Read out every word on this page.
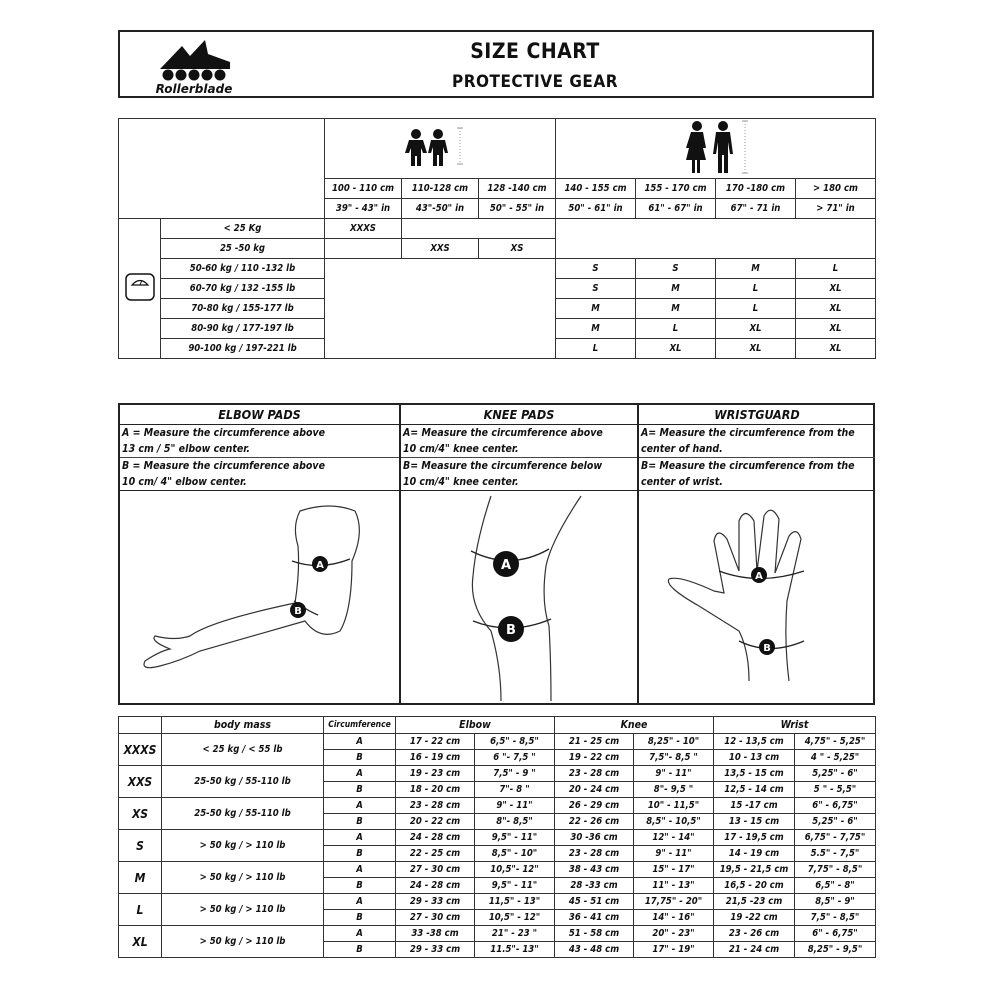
Rollerblade
SIZE CHART
PROTECTIVE GEAR

		100 - 110 cm	110-128 cm	128 -140 cm	140 - 155 cm	155 - 170 cm	170 -180 cm	> 180 cm
		39" - 43" in	43"-50" in	50" - 55" in	50" - 61" in	61" - 67" in	67" - 71 in	> 71" in
	< 25 Kg	XXXS						
	25 -50 kg		XXS	XS				
	50-60 kg / 110 -132 lb				S	S	M	L
	60-70 kg / 132 -155 lb				S	M	L	XL
	70-80 kg / 155-177 lb				M	M	L	XL
	80-90 kg / 177-197 lb				M	L	XL	XL
	90-100 kg / 197-221 lb				L	XL	XL	XL
ELBOW PADS
A = Measure the circumference above
13 cm / 5" elbow center.
B = Measure the circumference above
10 cm/ 4" elbow center.
A
B
KNEE PADS
A= Measure the circumference above
10 cm/4" knee center.
B= Measure the circumference below
10 cm/4" knee center.
A
B
WRISTGUARD
A= Measure the circumference from the
center of hand.
B= Measure the circumference from the
center of wrist.
A
B
	body mass	Circumference	Elbow		Knee		Wrist	
XXXS	< 25 kg / < 55 lb	A	17 - 22 cm	6,5" - 8,5"	21 - 25 cm	8,25" - 10"	12 - 13,5 cm	4,75" - 5,25"
		B	16 - 19 cm	6 "- 7,5 "	19 - 22 cm	7,5"- 8,5 "	10 - 13 cm	4 " - 5,25"
XXS	25-50 kg / 55-110 lb	A	19 - 23 cm	7,5" - 9 "	23 - 28 cm	9" - 11"	13,5 - 15 cm	5,25" - 6"
		B	18 - 20 cm	7"- 8 "	20 - 24 cm	8"- 9,5 "	12,5 - 14 cm	5 " - 5,5"
XS	25-50 kg / 55-110 lb	A	23 - 28 cm	9" - 11"	26 - 29 cm	10" - 11,5"	15 -17 cm	6" - 6,75"
		B	20 - 22 cm	8"- 8,5"	22 - 26 cm	8,5" - 10,5"	13 - 15 cm	5,25" - 6"
S	> 50 kg / > 110 lb	A	24 - 28 cm	9,5" - 11"	30 -36 cm	12" - 14"	17 - 19,5 cm	6,75" - 7,75"
		B	22 - 25 cm	8,5" - 10"	23 - 28 cm	9" - 11"	14 - 19 cm	5.5" - 7,5"
M	> 50 kg / > 110 lb	A	27 - 30 cm	10,5"- 12"	38 - 43 cm	15" - 17"	19,5 - 21,5 cm	7,75" - 8,5"
		B	24 - 28 cm	9,5" - 11"	28 -33 cm	11" - 13"	16,5 - 20 cm	6,5" - 8"
L	> 50 kg / > 110 lb	A	29 - 33 cm	11,5" - 13"	45 - 51 cm	17,75" - 20"	21,5 -23 cm	8,5" - 9"
		B	27 - 30 cm	10,5" - 12"	36 - 41 cm	14" - 16"	19 -22 cm	7,5" - 8,5"
XL	> 50 kg / > 110 lb	A	33 -38 cm	21" - 23 "	51 - 58 cm	20" - 23"	23 - 26 cm	6" - 6,75"
		B	29 - 33 cm	11.5"- 13"	43 - 48 cm	17" - 19"	21 - 24 cm	8,25" - 9,5"
